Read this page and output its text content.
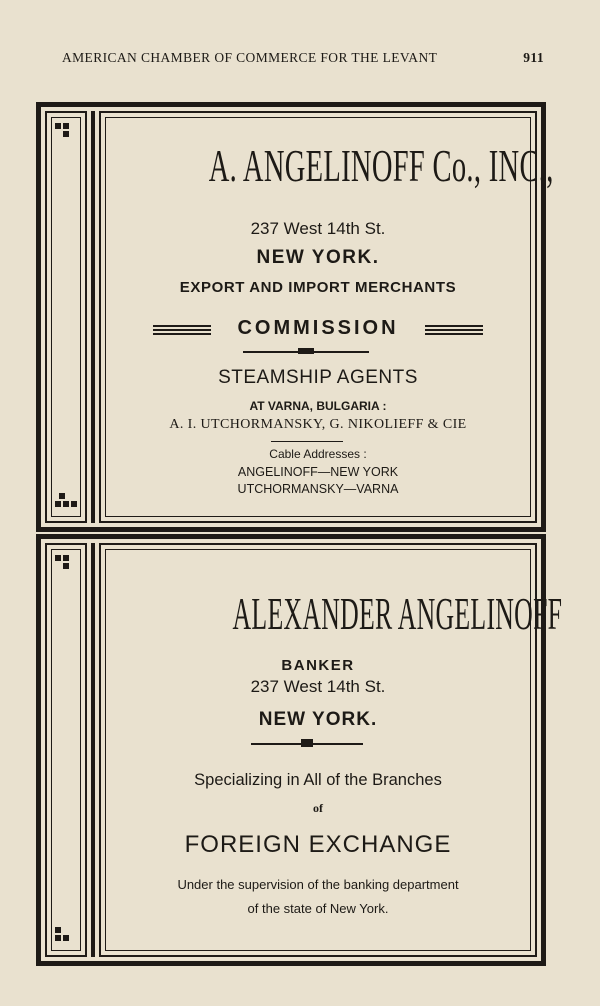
AMERICAN CHAMBER OF COMMERCE FOR THE LEVANT	911
A. ANGELINOFF Co., INC.,
237 West 14th St.
NEW YORK.
EXPORT AND IMPORT MERCHANTS
COMMISSION
STEAMSHIP AGENTS
AT VARNA, BULGARIA :
A. I. UTCHORMANSKY, G. NIKOLIEFF & CIE
Cable Addresses :
ANGELINOFF—NEW YORK
UTCHORMANSKY—VARNA
ALEXANDER ANGELINOFF
BANKER
237 West 14th St.
NEW YORK.
Specializing in All of the Branches
of
FOREIGN EXCHANGE
Under the supervision of the banking department
of the state of New York.
